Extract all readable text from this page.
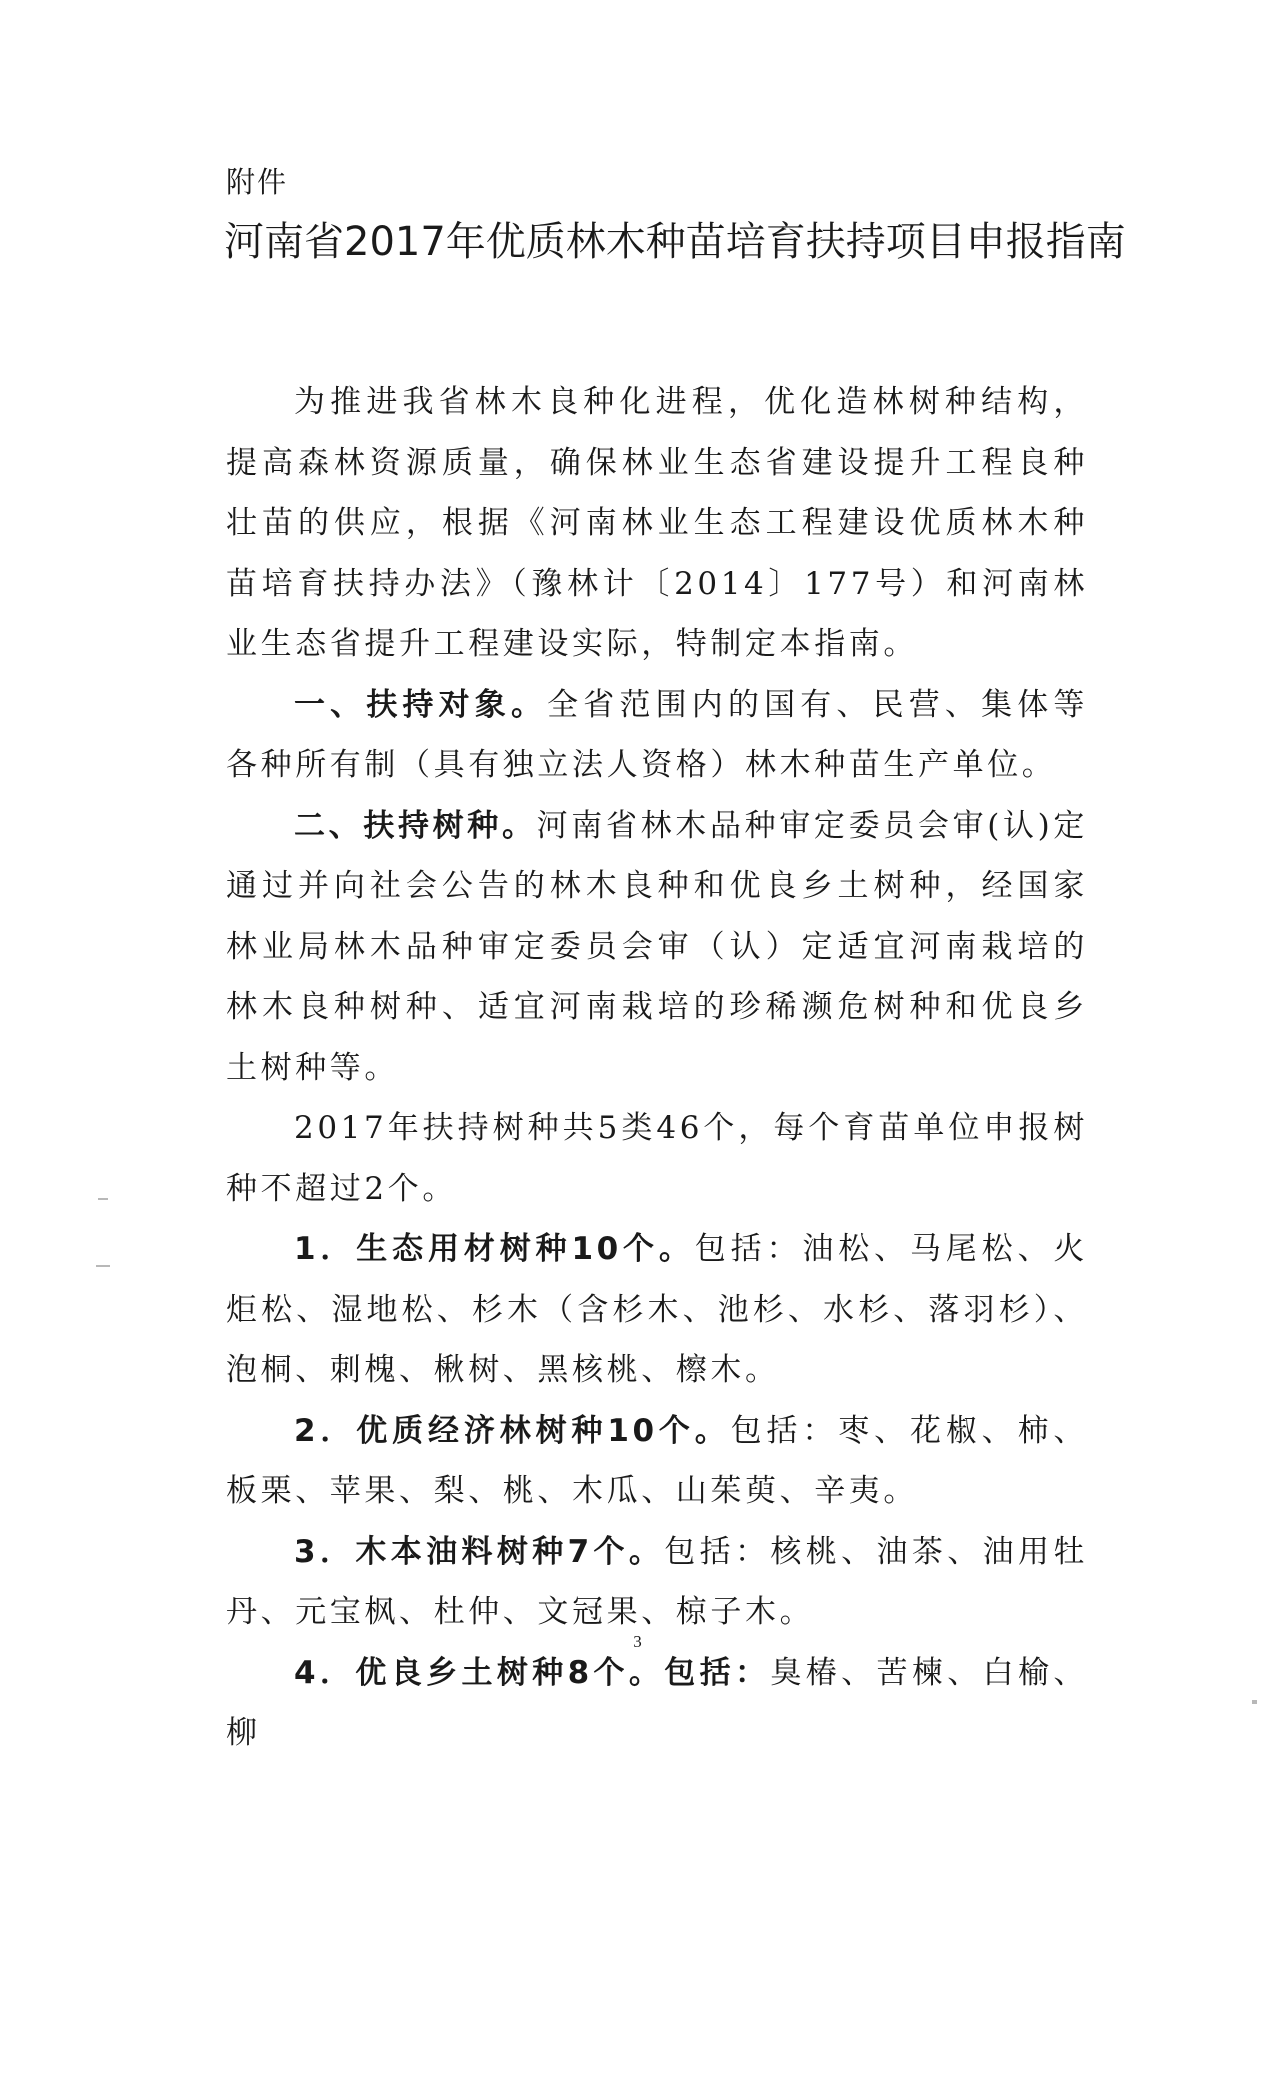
附件
河南省2017年优质林木种苗培育扶持项目申报指南

为推进我省林木良种化进程，优化造林树种结构，提高森林资源质量，确保林业生态省建设提升工程良种壮苗的供应，根据《河南林业生态工程建设优质林木种苗培育扶持办法》（豫林计〔2014〕177号）和河南林业生态省提升工程建设实际，特制定本指南。

一、扶持对象。全省范围内的国有、民营、集体等各种所有制（具有独立法人资格）林木种苗生产单位。

二、扶持树种。河南省林木品种审定委员会审(认)定通过并向社会公告的林木良种和优良乡土树种，经国家林业局林木品种审定委员会审（认）定适宜河南栽培的林木良种树种、适宜河南栽培的珍稀濒危树种和优良乡土树种等。

2017年扶持树种共5类46个，每个育苗单位申报树种不超过2个。

1．生态用材树种10个。包括：油松、马尾松、火炬松、湿地松、杉木（含杉木、池杉、水杉、落羽杉）、泡桐、刺槐、楸树、黑核桃、檫木。

2．优质经济林树种10个。包括：枣、花椒、柿、板栗、苹果、梨、桃、木瓜、山茱萸、辛夷。

3．木本油料树种7个。包括：核桃、油茶、油用牡丹、元宝枫、杜仲、文冠果、椋子木。

4．优良乡土树种8个。包括：臭椿、苦楝、白榆、柳

3
